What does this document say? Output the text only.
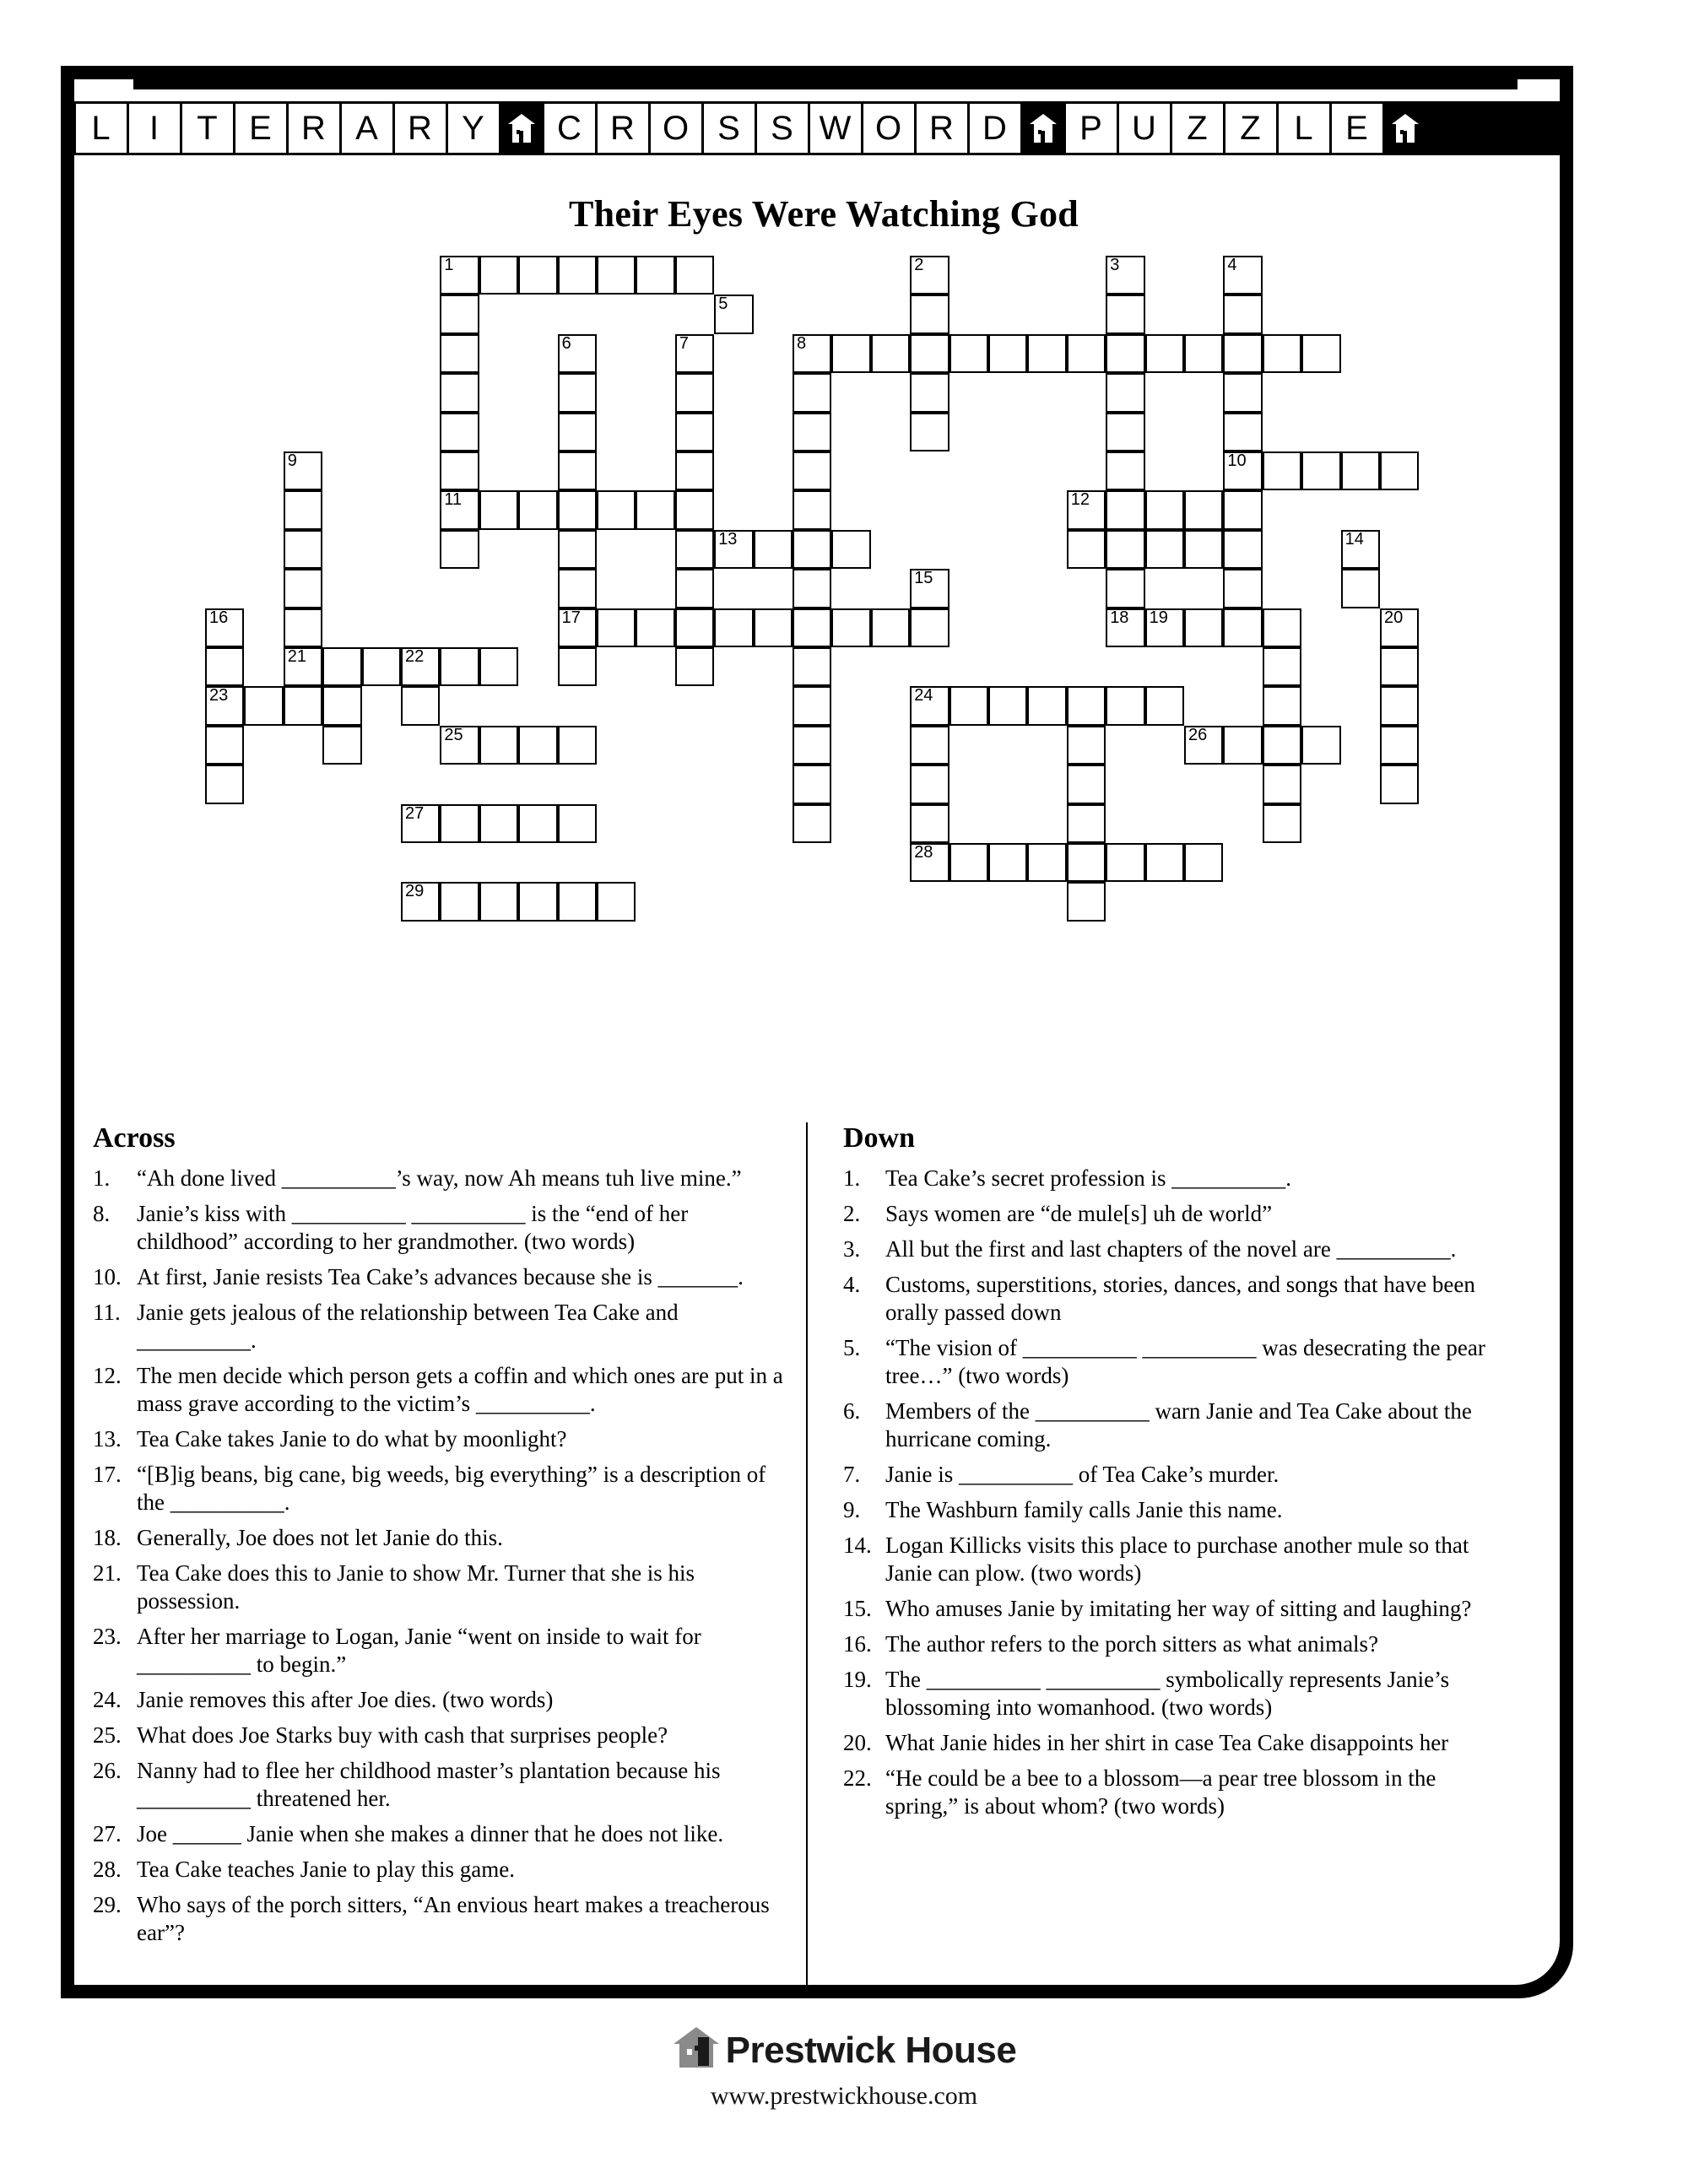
L	I	T E R A R Y	C R O S S W O R D	P U Z Z L E
Their Eyes Were Watching God
1	2	3	4
5
6	7	8
9	10
11	12
13	14
15
16	17	18 19	20
21	22
23	24
25	26
27
28
29
Across
1.	“Ah done lived __________’s way, now Ah means tuh live mine.”
8.	Janie’s kiss with __________ __________ is the “end of her childhood” according to her grandmother. (two words)
10. At first, Janie resists Tea Cake’s advances because she is _______.
11. Janie gets jealous of the relationship between Tea Cake and __________.
12. The men decide which person gets a coffin and which ones are put in a mass grave according to the victim’s __________.
13. Tea Cake takes Janie to do what by moonlight?
17. “[B]ig beans, big cane, big weeds, big everything” is a description of the __________.
18. Generally, Joe does not let Janie do this.
21. Tea Cake does this to Janie to show Mr. Turner that she is his possession.
23. After her marriage to Logan, Janie “went on inside to wait for __________ to begin.”
24. Janie removes this after Joe dies. (two words)
25. What does Joe Starks buy with cash that surprises people?
26. Nanny had to flee her childhood master’s plantation because his __________ threatened her.
27. Joe ______ Janie when she makes a dinner that he does not like.
28. Tea Cake teaches Janie to play this game.
29. Who says of the porch sitters, “An envious heart makes a treacherous ear”?
Down
1.	Tea Cake’s secret profession is __________.
2.	Says women are “de mule[s] uh de world”
3.	All but the first and last chapters of the novel are __________.
4.	Customs, superstitions, stories, dances, and songs that have been orally passed down
5.	“The vision of __________ __________ was desecrating the pear tree…” (two words)
6.	Members of the __________ warn Janie and Tea Cake about the hurricane coming.
7.	Janie is __________ of Tea Cake’s murder.
9.	The Washburn family calls Janie this name.
14. Logan Killicks visits this place to purchase another mule so that Janie can plow. (two words)
15. Who amuses Janie by imitating her way of sitting and laughing?
16. The author refers to the porch sitters as what animals?
19. The __________ __________ symbolically represents Janie’s blossoming into womanhood. (two words)
20. What Janie hides in her shirt in case Tea Cake disappoints her
22. “He could be a bee to a blossom—a pear tree blossom in the spring,” is about whom? (two words)
Prestwick House
www.prestwickhouse.com
